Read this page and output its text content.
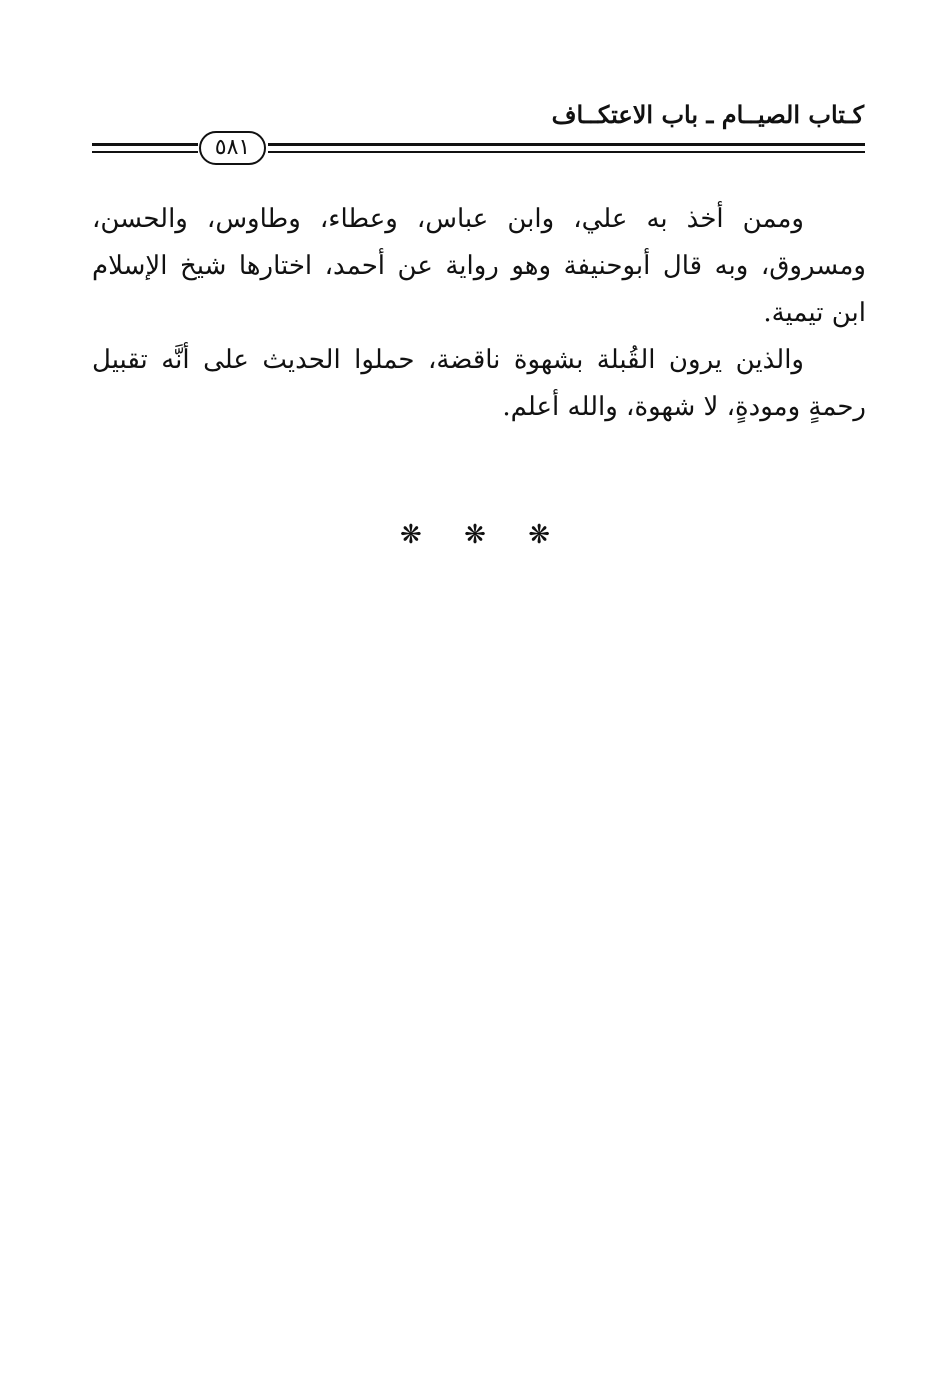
كـتاب الصيــام ـ باب الاعتكــاف
٥٨١

وممن أخذ به علي، وابن عباس، وعطاء، وطاوس، والحسن، ومسروق، وبه قال أبوحنيفة وهو رواية عن أحمد، اختارها شيخ الإسلام ابن تيمية.

والذين يرون القُبلة بشهوة ناقضة، حملوا الحديث على أنَّه تقبيل رحمةٍ ومودةٍ، لا شهوة، والله أعلم.

❋ ❋ ❋
